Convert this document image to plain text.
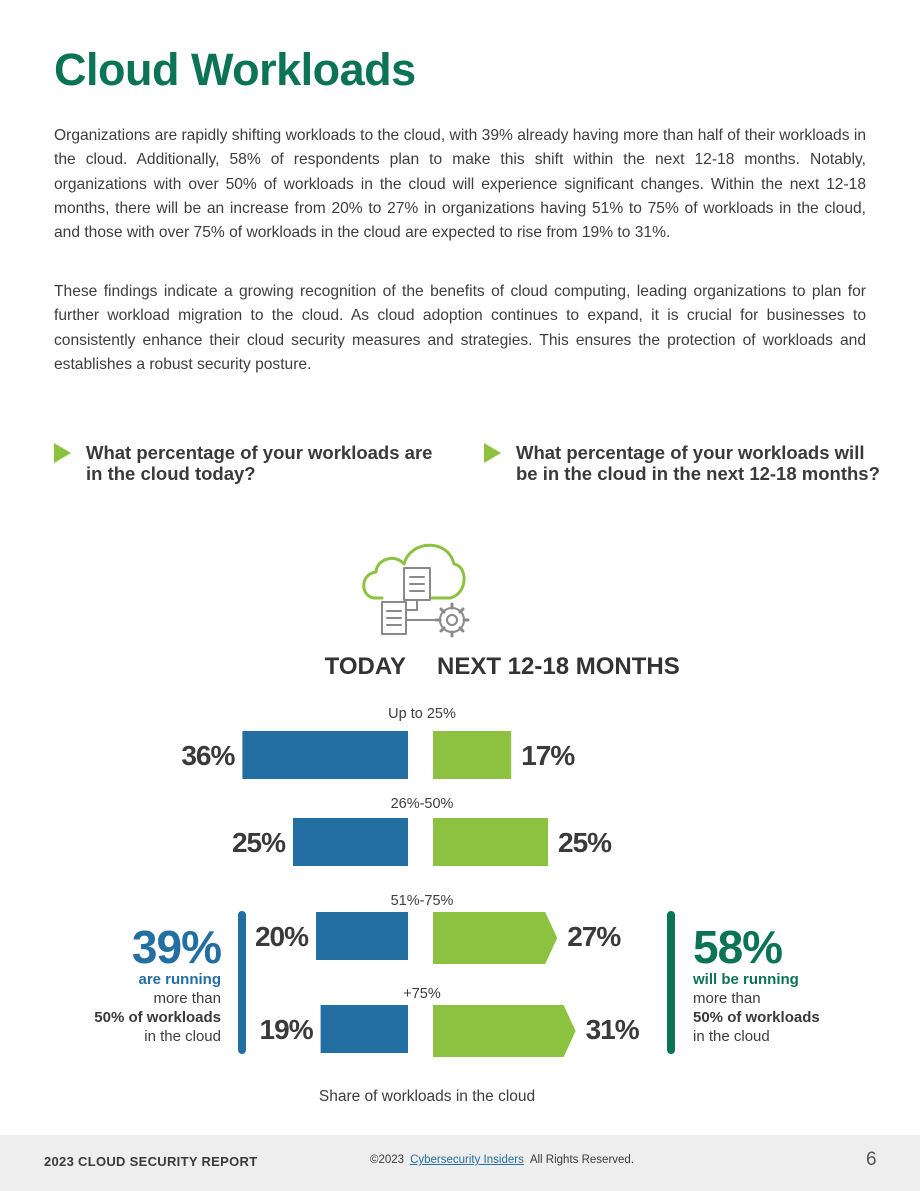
Cloud Workloads

Organizations are rapidly shifting workloads to the cloud, with 39% already having more than half of their workloads in the cloud. Additionally, 58% of respondents plan to make this shift within the next 12-18 months. Notably, organizations with over 50% of workloads in the cloud will experience significant changes. Within the next 12-18 months, there will be an increase from 20% to 27% in organizations having 51% to 75% of workloads in the cloud, and those with over 75% of workloads in the cloud are expected to rise from 19% to 31%.

These findings indicate a growing recognition of the benefits of cloud computing, leading organizations to plan for further workload migration to the cloud. As cloud adoption continues to expand, it is crucial for businesses to consistently enhance their cloud security measures and strategies. This ensures the protection of workloads and establishes a robust security posture.

What percentage of your workloads are in the cloud today?
What percentage of your workloads will be in the cloud in the next 12-18 months?
TODAY NEXT 12-18 MONTHS
Up to 25%
36%	17%
26%-50%
25%	25%
51%-75%
20%	27%
+75%
19%	31%
Share of workloads in the cloud
39%
are running
more than
50% of workloads
in the cloud
58%
will be running
more than
50% of workloads
in the cloud
2023 CLOUD SECURITY REPORT	©2023 Cybersecurity Insiders All Rights Reserved.	6
